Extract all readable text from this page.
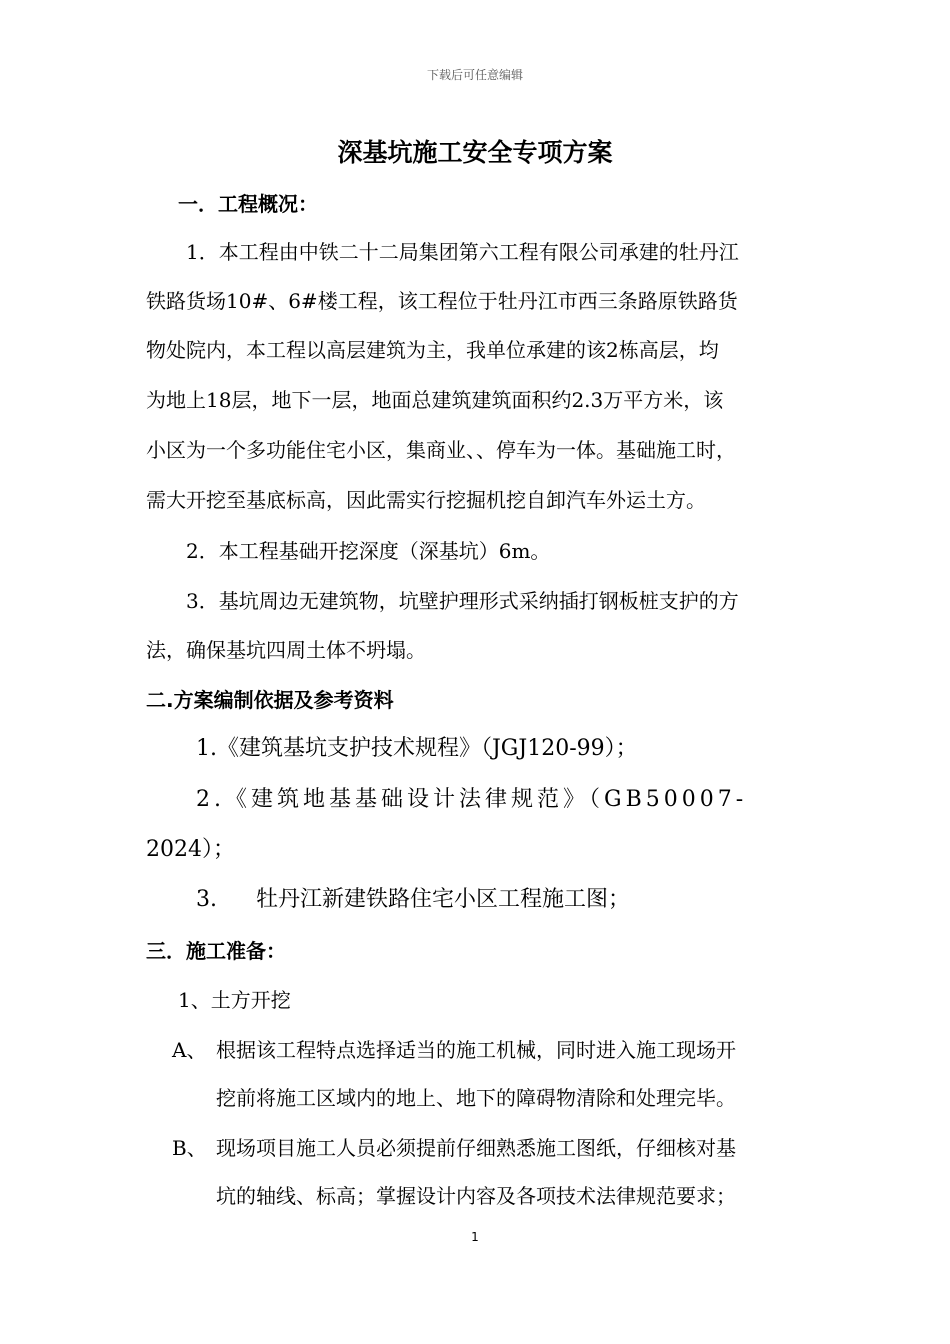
下载后可任意编辑
深基坑施工安全专项方案
一．工程概况：
1．本工程由中铁二十二局集团第六工程有限公司承建的牡丹江
铁路货场10#、6#楼工程，该工程位于牡丹江市西三条路原铁路货
物处院内，本工程以高层建筑为主，我单位承建的该2栋高层，均
为地上18层，地下一层，地面总建筑建筑面积约2.3万平方米，该
小区为一个多功能住宅小区，集商业、、停车为一体。基础施工时，
需大开挖至基底标高，因此需实行挖掘机挖自卸汽车外运土方。
2．本工程基础开挖深度（深基坑）6m。
3．基坑周边无建筑物，坑壁护理形式采纳插打钢板桩支护的方
法，确保基坑四周土体不坍塌。
二.方案编制依据及参考资料
1.《建筑基坑支护技术规程》（JGJ120-99）；
2.《建筑地基基础设计法律规范》（GB50007-
2024）；
3. 牡丹江新建铁路住宅小区工程施工图；
三．施工准备：
1、土方开挖
A、 根据该工程特点选择适当的施工机械，同时进入施工现场开
挖前将施工区域内的地上、地下的障碍物清除和处理完毕。
B、 现场项目施工人员必须提前仔细熟悉施工图纸，仔细核对基
坑的轴线、标高；掌握设计内容及各项技术法律规范要求；
1
